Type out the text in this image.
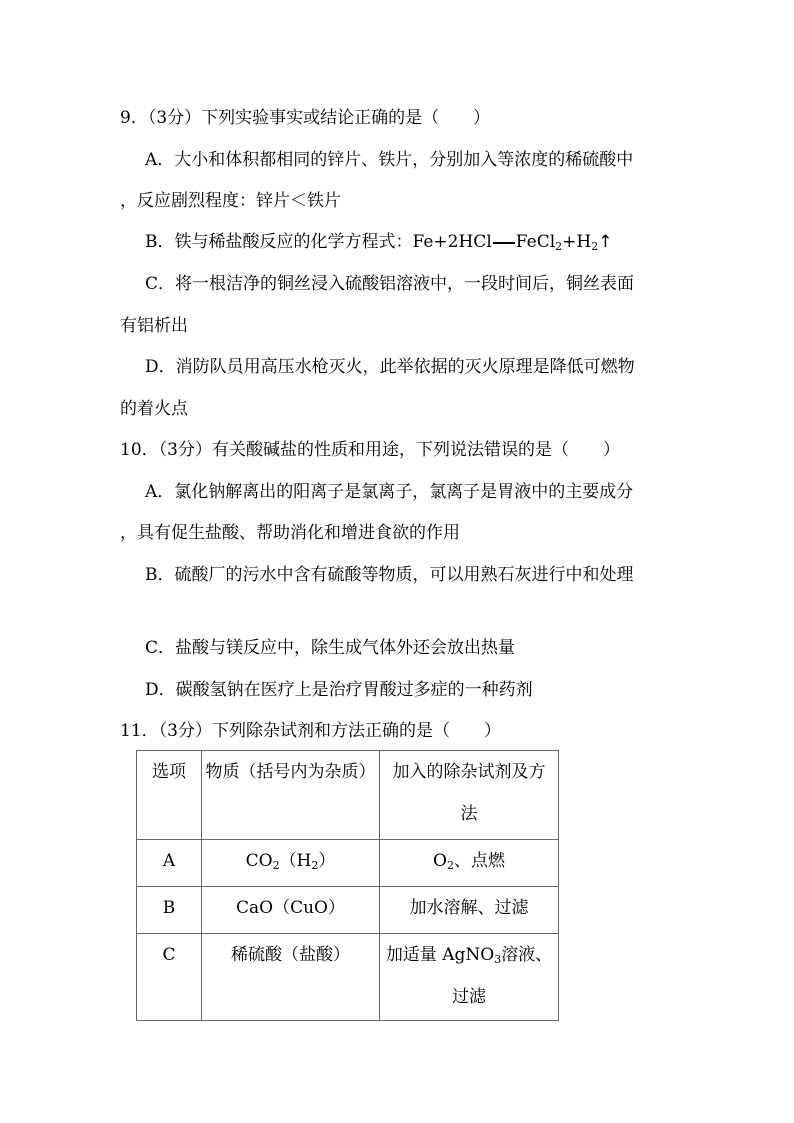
9．（3分）下列实验事实或结论正确的是（　　）
A．大小和体积都相同的锌片、铁片，分别加入等浓度的稀硫酸中
，反应剧烈程度：锌片＜铁片
B．铁与稀盐酸反应的化学方程式：Fe+2HCl $FeCl_2+H_2↑$
C．将一根洁净的铜丝浸入硫酸铝溶液中，一段时间后，铜丝表面
有铝析出
D．消防队员用高压水枪灭火，此举依据的灭火原理是降低可燃物
的着火点
10．（3分）有关酸碱盐的性质和用途，下列说法错误的是（　　）
A．氯化钠解离出的阳离子是氯离子，氯离子是胃液中的主要成分
，具有促生盐酸、帮助消化和增进食欲的作用
B．硫酸厂的污水中含有硫酸等物质，可以用熟石灰进行中和处理
C．盐酸与镁反应中，除生成气体外还会放出热量
D．碳酸氢钠在医疗上是治疗胃酸过多症的一种药剂
11．（3分）下列除杂试剂和方法正确的是（　　）
选项	物质（括号内为杂质）	加入的除杂试剂及方
法

A	$CO_2(H_2)$	$O_2$、点燃
B	CaO（CuO）	加水溶解、过滤
C	稀硫酸（盐酸）	加适量 AgNO$_3$溶液、
过滤
